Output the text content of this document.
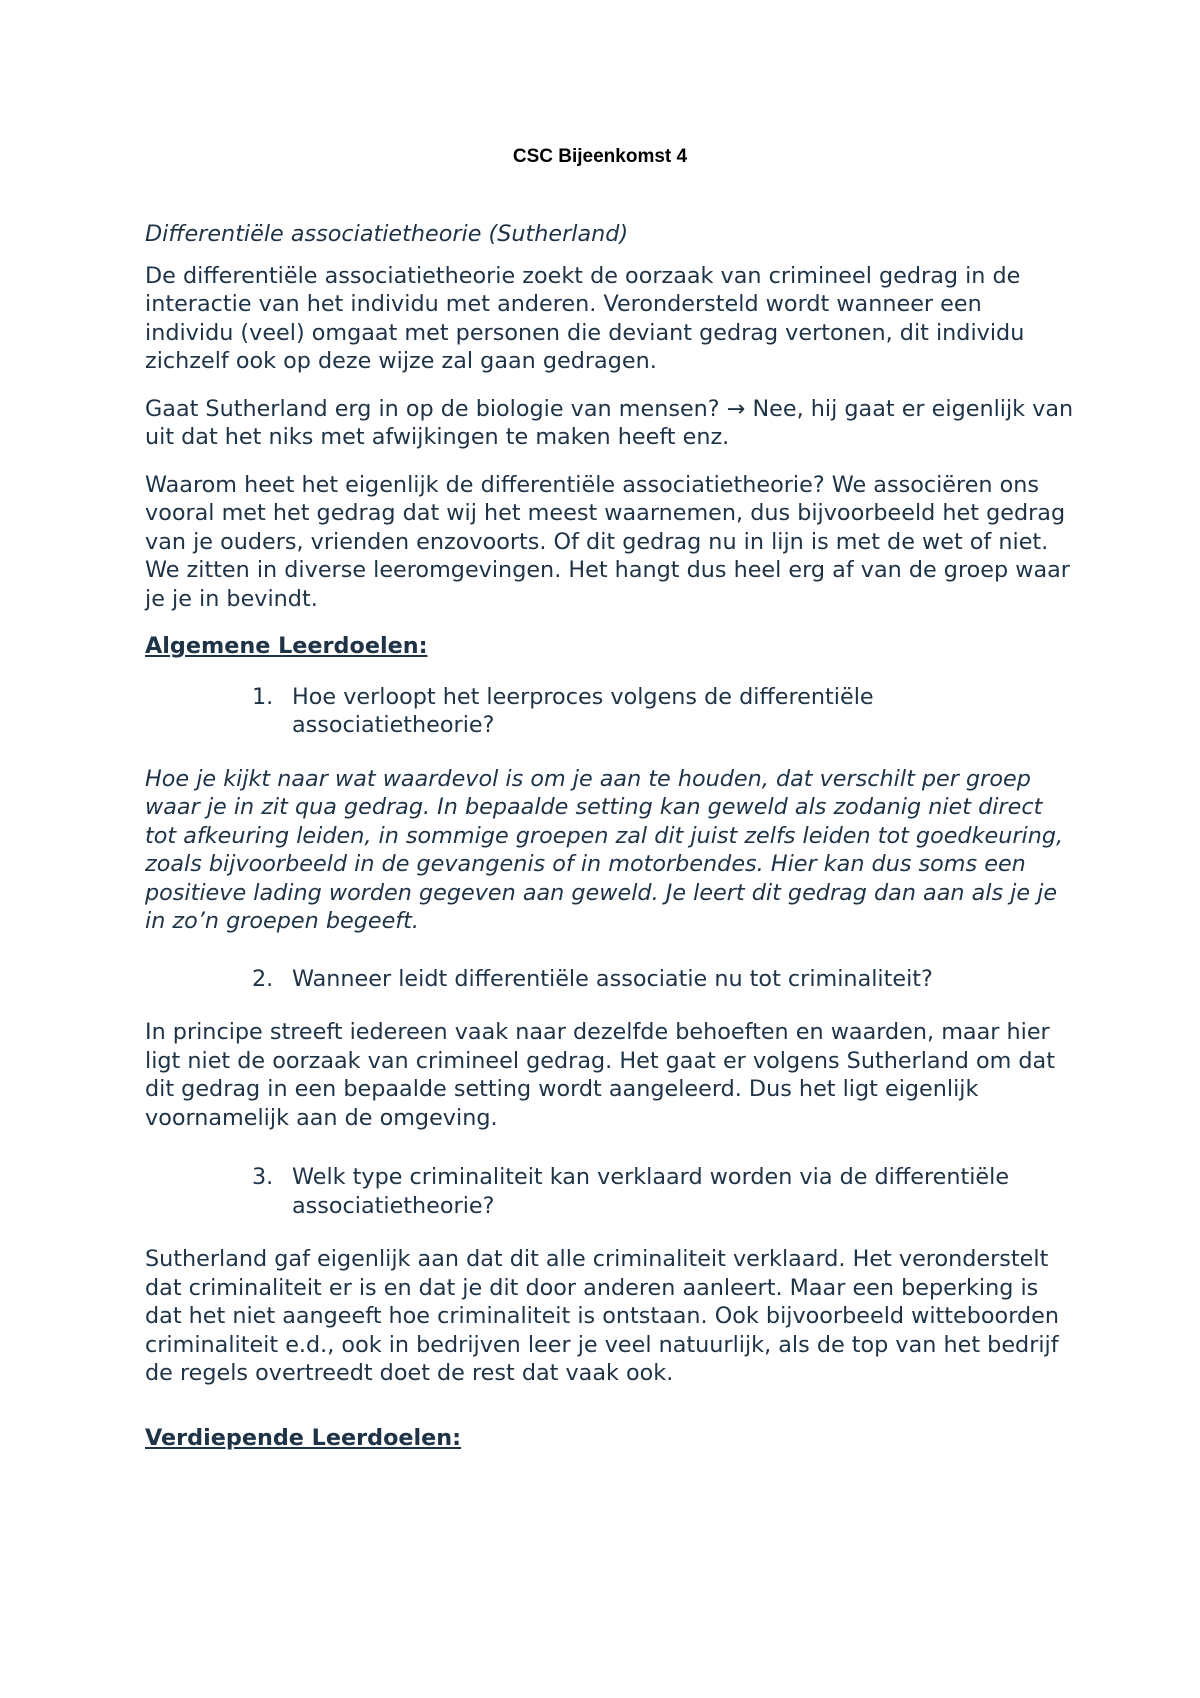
CSC Bijeenkomst 4

Differentiële associatietheorie (Sutherland)

De differentiële associatietheorie zoekt de oorzaak van crimineel gedrag in de interactie van het individu met anderen. Verondersteld wordt wanneer een individu (veel) omgaat met personen die deviant gedrag vertonen, dit individu zichzelf ook op deze wijze zal gaan gedragen.

Gaat Sutherland erg in op de biologie van mensen? → Nee, hij gaat er eigenlijk van uit dat het niks met afwijkingen te maken heeft enz.

Waarom heet het eigenlijk de differentiële associatietheorie? We associëren ons vooral met het gedrag dat wij het meest waarnemen, dus bijvoorbeeld het gedrag van je ouders, vrienden enzovoorts. Of dit gedrag nu in lijn is met de wet of niet. We zitten in diverse leeromgevingen. Het hangt dus heel erg af van de groep waar je je in bevindt.

Algemene Leerdoelen:

1. Hoe verloopt het leerproces volgens de differentiële associatietheorie?

Hoe je kijkt naar wat waardevol is om je aan te houden, dat verschilt per groep waar je in zit qua gedrag. In bepaalde setting kan geweld als zodanig niet direct tot afkeuring leiden, in sommige groepen zal dit juist zelfs leiden tot goedkeuring, zoals bijvoorbeeld in de gevangenis of in motorbendes. Hier kan dus soms een positieve lading worden gegeven aan geweld. Je leert dit gedrag dan aan als je je in zo’n groepen begeeft.

2. Wanneer leidt differentiële associatie nu tot criminaliteit?

In principe streeft iedereen vaak naar dezelfde behoeften en waarden, maar hier ligt niet de oorzaak van crimineel gedrag. Het gaat er volgens Sutherland om dat dit gedrag in een bepaalde setting wordt aangeleerd. Dus het ligt eigenlijk voornamelijk aan de omgeving.

3. Welk type criminaliteit kan verklaard worden via de differentiële associatietheorie?

Sutherland gaf eigenlijk aan dat dit alle criminaliteit verklaard. Het veronderstelt dat criminaliteit er is en dat je dit door anderen aanleert. Maar een beperking is dat het niet aangeeft hoe criminaliteit is ontstaan. Ook bijvoorbeeld witteboorden criminaliteit e.d., ook in bedrijven leer je veel natuurlijk, als de top van het bedrijf de regels overtreedt doet de rest dat vaak ook.

Verdiepende Leerdoelen:
